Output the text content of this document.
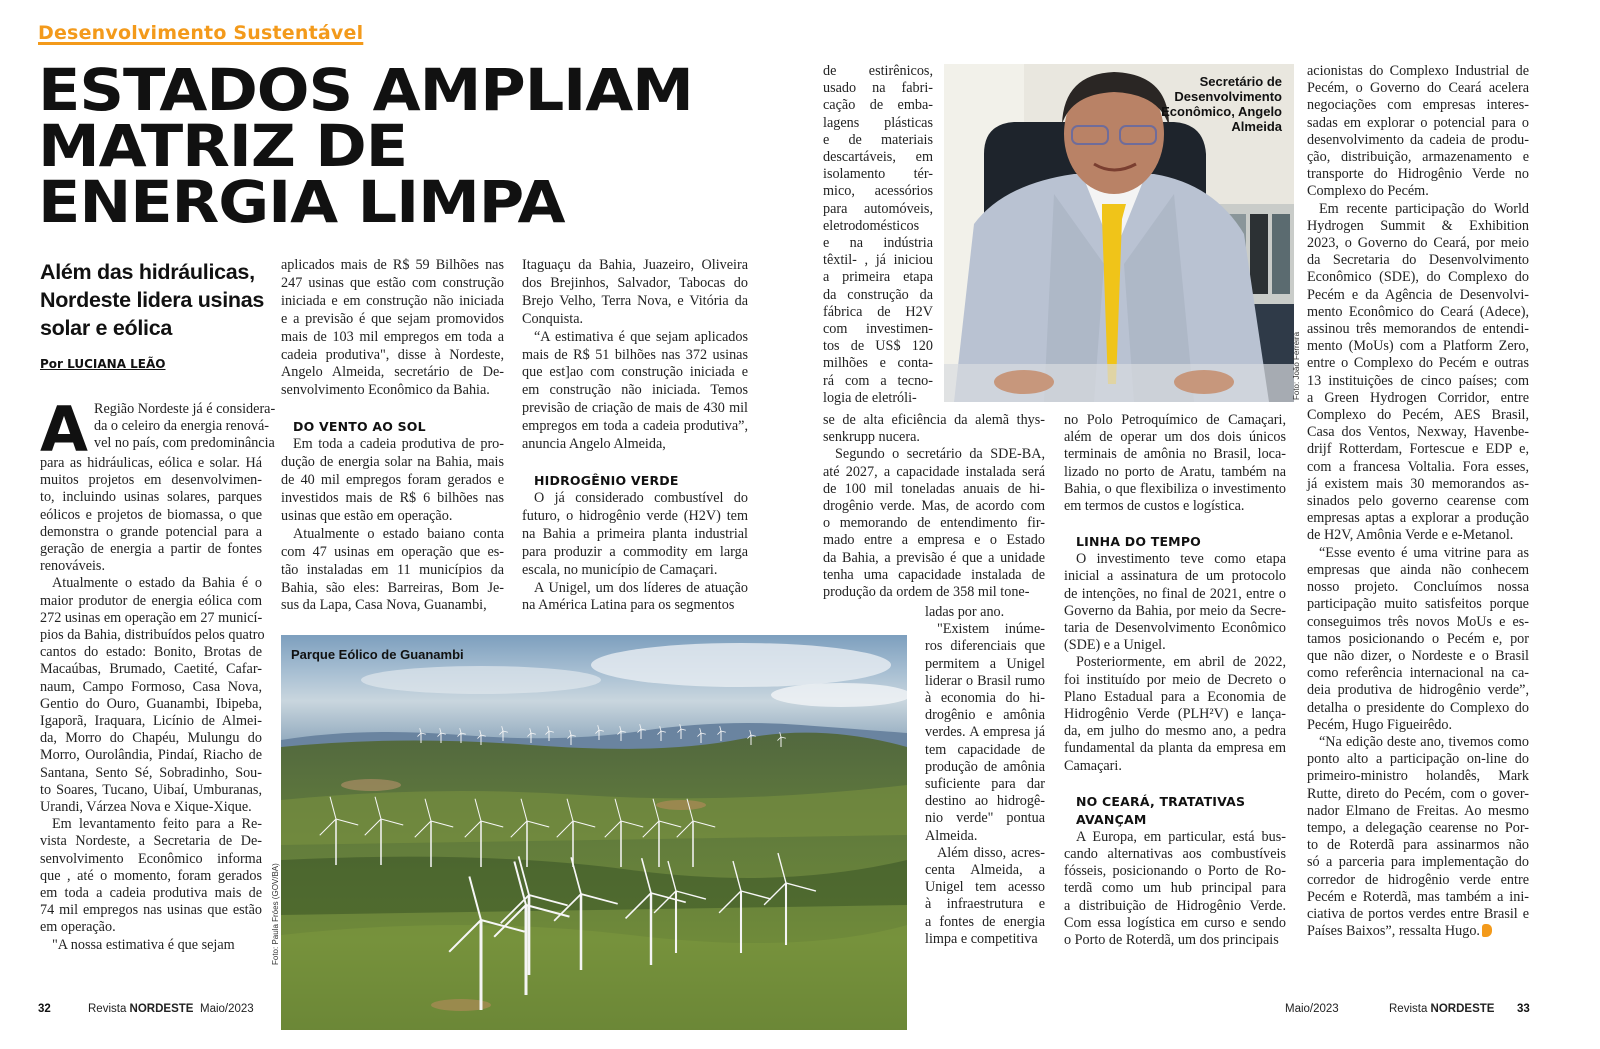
Desenvolvimento Sustentável
ESTADOS AMPLIAM
MATRIZ DE
ENERGIA LIMPA
Além das hidráulicas,
Nordeste lidera usinas
solar e eólica
Por LUCIANA LEÃO
A Região Nordeste já é considera-

da o celeiro da energia renová-

vel no país, com predominância

para as hidráulicas, eólica e solar. Há

muitos projetos em desenvolvimen-

to, incluindo usinas solares, parques

eólicos e projetos de biomassa, o que

demonstra o grande potencial para a

geração de energia a partir de fontes

renováveis.

Atualmente o estado da Bahia é o

maior produtor de energia eólica com

272 usinas em operação em 27 municí-

pios da Bahia, distribuídos pelos quatro

cantos do estado: Bonito, Brotas de

Macaúbas, Brumado, Caetité, Cafar-

naum, Campo Formoso, Casa Nova,

Gentio do Ouro, Guanambi, Ibipeba,

Igaporã, Iraquara, Licínio de Almei-

da, Morro do Chapéu, Mulungu do

Morro, Ourolândia, Pindaí, Riacho de

Santana, Sento Sé, Sobradinho, Sou-

to Soares, Tucano, Uibaí, Umburanas,

Urandi, Várzea Nova e Xique-Xique.

Em levantamento feito para a Re-

vista Nordeste, a Secretaria de De-

senvolvimento Econômico informa

que , até o momento, foram gerados

em toda a cadeia produtiva mais de

74 mil empregos nas usinas que estão

em operação.

"A nossa estimativa é que sejam

aplicados mais de R$ 59 Bilhões nas

247 usinas que estão com construção

iniciada e em construção não iniciada

e a previsão é que sejam promovidos

mais de 103 mil empregos em toda a

cadeia produtiva", disse à Nordeste,

Angelo Almeida, secretário de De-

senvolvimento Econômico da Bahia.

DO VENTO AO SOL

Em toda a cadeia produtiva de pro-

dução de energia solar na Bahia, mais

de 40 mil empregos foram gerados e

investidos mais de R$ 6 bilhões nas

usinas que estão em operação.

Atualmente o estado baiano conta

com 47 usinas em operação que es-

tão instaladas em 11 municípios da

Bahia, são eles: Barreiras, Bom Je-

sus da Lapa, Casa Nova, Guanambi,

Itaguaçu da Bahia, Juazeiro, Oliveira

dos Brejinhos, Salvador, Tabocas do

Brejo Velho, Terra Nova, e Vitória da

Conquista.

“A estimativa é que sejam aplicados

mais de R$ 51 bilhões nas 372 usinas

que est]ao com construção iniciada e

em construção não iniciada. Temos

previsão de criação de mais de 430 mil

empregos em toda a cadeia produtiva”,

anuncia Angelo Almeida,

HIDROGÊNIO VERDE

O já considerado combustível do

futuro, o hidrogênio verde (H2V) tem

na Bahia a primeira planta industrial

para produzir a commodity em larga

escala, no município de Camaçari.

A Unigel, um dos líderes de atuação

na América Latina para os segmentos

Parque Eólico de Guanambi
Foto: Paula Fróes (GOV/BA)
32	Revista NORDESTE Maio/2023

de estirênicos,

usado na fabri-

cação de emba-

lagens plásticas

e de materiais

descartáveis, em

isolamento tér-

mico, acessórios

para automóveis,

eletrodomésticos

e na indústria

têxtil- , já iniciou

a primeira etapa

da construção da

fábrica de H2V

com investimen-

tos de US$ 120

milhões e conta-

rá com a tecno-

logia de eletróli-

se de alta eficiência da alemã thys-

senkrupp nucera.

Segundo o secretário da SDE-BA,

até 2027, a capacidade instalada será

de 100 mil toneladas anuais de hi-

drogênio verde. Mas, de acordo com

o memorando de entendimento fir-

mado entre a empresa e o Estado

da Bahia, a previsão é que a unidade

tenha uma capacidade instalada de

produção da ordem de 358 mil tone-

ladas por ano.

"Existem inúme-

ros diferenciais que

permitem a Unigel

liderar o Brasil rumo

à economia do hi-

drogênio e amônia

verdes. A empresa já

tem capacidade de

produção de amônia

suficiente para dar

destino ao hidrogê-

nio verde" pontua

Almeida.

Além disso, acres-

centa Almeida, a

Unigel tem acesso

à infraestrutura e

a fontes de energia

limpa e competitiva

Secretário de
Desenvolvimento
Econômico, Angelo
Almeida
Foto: João Ferreira

no Polo Petroquímico de Camaçari,

além de operar um dos dois únicos

terminais de amônia no Brasil, loca-

lizado no porto de Aratu, também na

Bahia, o que flexibiliza o investimento

em termos de custos e logística.

LINHA DO TEMPO

O investimento teve como etapa

inicial a assinatura de um protocolo

de intenções, no final de 2021, entre o

Governo da Bahia, por meio da Secre-

taria de Desenvolvimento Econômico

(SDE) e a Unigel.

Posteriormente, em abril de 2022,

foi instituído por meio de Decreto o

Plano Estadual para a Economia de

Hidrogênio Verde (PLH²V) e lança-

da, em julho do mesmo ano, a pedra

fundamental da planta da empresa em

Camaçari.

NO CEARÁ, TRATATIVAS
AVANÇAM

A Europa, em particular, está bus-

cando alternativas aos combustíveis

fósseis, posicionando o Porto de Ro-

terdã como um hub principal para

a distribuição de Hidrogênio Verde.

Com essa logística em curso e sendo

o Porto de Roterdã, um dos principais

acionistas do Complexo Industrial de

Pecém, o Governo do Ceará acelera

negociações com empresas interes-

sadas em explorar o potencial para o

desenvolvimento da cadeia de produ-

ção, distribuição, armazenamento e

transporte do Hidrogênio Verde no

Complexo do Pecém.

Em recente participação do World

Hydrogen Summit & Exhibition

2023, o Governo do Ceará, por meio

da Secretaria do Desenvolvimento

Econômico (SDE), do Complexo do

Pecém e da Agência de Desenvolvi-

mento Econômico do Ceará (Adece),

assinou três memorandos de entendi-

mento (MoUs) com a Platform Zero,

entre o Complexo do Pecém e outras

13 instituições de cinco países; com

a Green Hydrogen Corridor, entre

Complexo do Pecém, AES Brasil,

Casa dos Ventos, Nexway, Havenbe-

drijf Rotterdam, Fortescue e EDP e,

com a francesa Voltalia. Fora esses,

já existem mais 30 memorandos as-

sinados pelo governo cearense com

empresas aptas a explorar a produção

de H2V, Amônia Verde e e-Metanol.

“Esse evento é uma vitrine para as

empresas que ainda não conhecem

nosso projeto. Concluímos nossa

participação muito satisfeitos porque

conseguimos três novos MoUs e es-

tamos posicionando o Pecém e, por

que não dizer, o Nordeste e o Brasil

como referência internacional na ca-

deia produtiva de hidrogênio verde”,

detalha o presidente do Complexo do

Pecém, Hugo Figueirêdo.

“Na edição deste ano, tivemos como

ponto alto a participação on-line do

primeiro-ministro holandês, Mark

Rutte, direto do Pecém, com o gover-

nador Elmano de Freitas. Ao mesmo

tempo, a delegação cearense no Por-

to de Roterdã para assinarmos não

só a parceria para implementação do

corredor de hidrogênio verde entre

Pecém e Roterdã, mas também a ini-

ciativa de portos verdes entre Brasil e

Países Baixos”, ressalta Hugo.

Maio/2023	Revista NORDESTE 33
